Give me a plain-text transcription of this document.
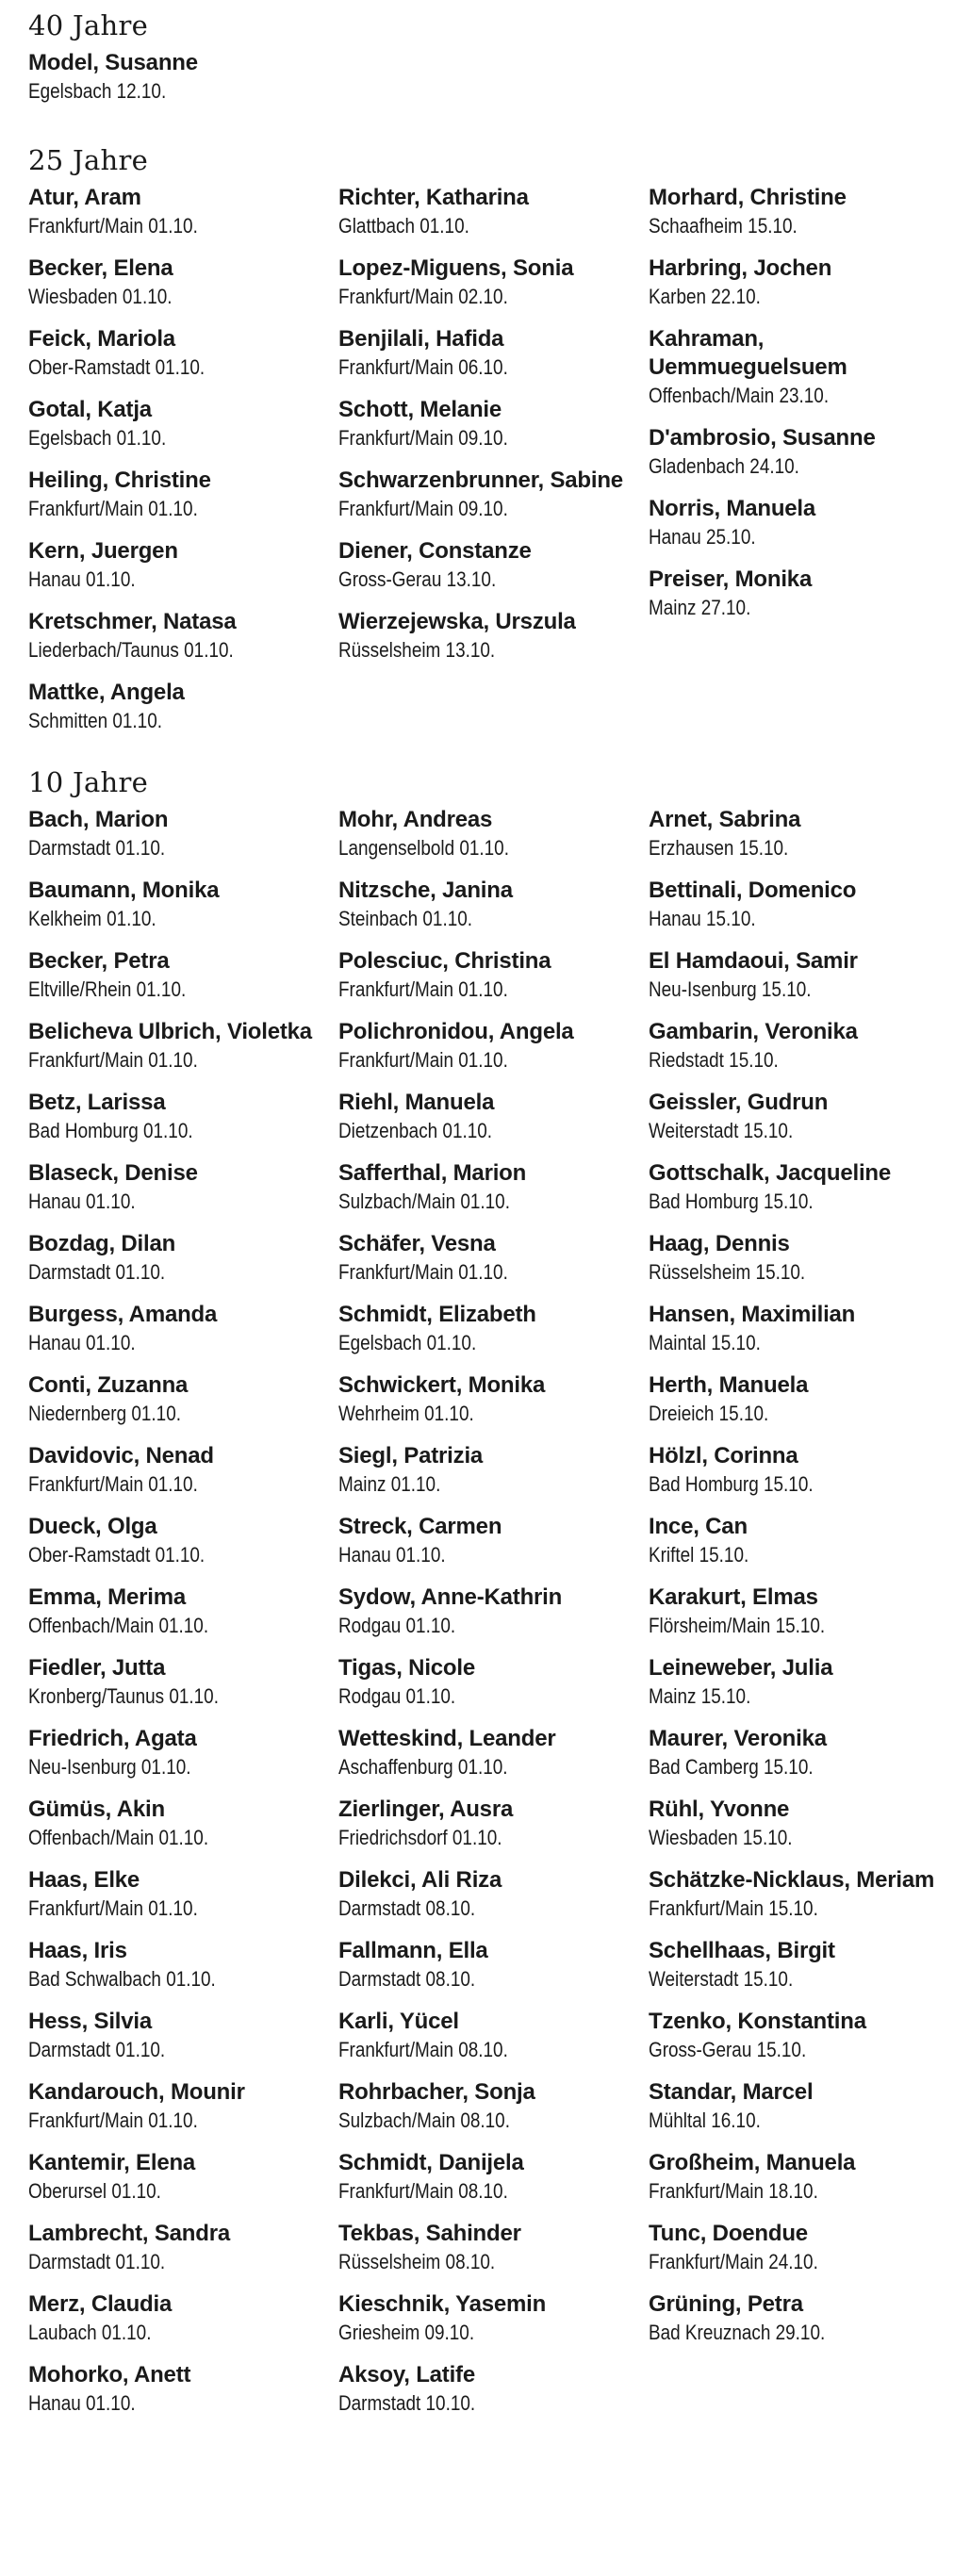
40 Jahre
Model, Susanne
Egelsbach 12.10.
25 Jahre
Atur, Aram
Frankfurt/Main 01.10.
Becker, Elena
Wiesbaden 01.10.
Feick, Mariola
Ober-Ramstadt 01.10.
Gotal, Katja
Egelsbach 01.10.
Heiling, Christine
Frankfurt/Main 01.10.
Kern, Juergen
Hanau 01.10.
Kretschmer, Natasa
Liederbach/Taunus 01.10.
Mattke, Angela
Schmitten 01.10.
Richter, Katharina
Glattbach 01.10.
Lopez-Miguens, Sonia
Frankfurt/Main 02.10.
Benjilali, Hafida
Frankfurt/Main 06.10.
Schott, Melanie
Frankfurt/Main 09.10.
Schwarzenbrunner, Sabine
Frankfurt/Main 09.10.
Diener, Constanze
Gross-Gerau 13.10.
Wierzejewska, Urszula
Rüsselsheim 13.10.
Morhard, Christine
Schaafheim 15.10.
Harbring, Jochen
Karben 22.10.
Kahraman, Uemmueguelsuem
Offenbach/Main 23.10.
D'ambrosio, Susanne
Gladenbach 24.10.
Norris, Manuela
Hanau 25.10.
Preiser, Monika
Mainz 27.10.
10 Jahre
Bach, Marion
Darmstadt 01.10.
Baumann, Monika
Kelkheim 01.10.
Becker, Petra
Eltville/Rhein 01.10.
Belicheva Ulbrich, Violetka
Frankfurt/Main 01.10.
Betz, Larissa
Bad Homburg 01.10.
Blaseck, Denise
Hanau 01.10.
Bozdag, Dilan
Darmstadt 01.10.
Burgess, Amanda
Hanau 01.10.
Conti, Zuzanna
Niedernberg 01.10.
Davidovic, Nenad
Frankfurt/Main 01.10.
Dueck, Olga
Ober-Ramstadt 01.10.
Emma, Merima
Offenbach/Main 01.10.
Fiedler, Jutta
Kronberg/Taunus 01.10.
Friedrich, Agata
Neu-Isenburg 01.10.
Gümüs, Akin
Offenbach/Main 01.10.
Haas, Elke
Frankfurt/Main 01.10.
Haas, Iris
Bad Schwalbach 01.10.
Hess, Silvia
Darmstadt 01.10.
Kandarouch, Mounir
Frankfurt/Main 01.10.
Kantemir, Elena
Oberursel 01.10.
Lambrecht, Sandra
Darmstadt 01.10.
Merz, Claudia
Laubach 01.10.
Mohorko, Anett
Hanau 01.10.
Mohr, Andreas
Langenselbold 01.10.
Nitzsche, Janina
Steinbach 01.10.
Polesciuc, Christina
Frankfurt/Main 01.10.
Polichronidou, Angela
Frankfurt/Main 01.10.
Riehl, Manuela
Dietzenbach 01.10.
Safferthal, Marion
Sulzbach/Main 01.10.
Schäfer, Vesna
Frankfurt/Main 01.10.
Schmidt, Elizabeth
Egelsbach 01.10.
Schwickert, Monika
Wehrheim 01.10.
Siegl, Patrizia
Mainz 01.10.
Streck, Carmen
Hanau 01.10.
Sydow, Anne-Kathrin
Rodgau 01.10.
Tigas, Nicole
Rodgau 01.10.
Wetteskind, Leander
Aschaffenburg 01.10.
Zierlinger, Ausra
Friedrichsdorf 01.10.
Dilekci, Ali Riza
Darmstadt 08.10.
Fallmann, Ella
Darmstadt 08.10.
Karli, Yücel
Frankfurt/Main 08.10.
Rohrbacher, Sonja
Sulzbach/Main 08.10.
Schmidt, Danijela
Frankfurt/Main 08.10.
Tekbas, Sahinder
Rüsselsheim 08.10.
Kieschnik, Yasemin
Griesheim 09.10.
Aksoy, Latife
Darmstadt 10.10.
Arnet, Sabrina
Erzhausen 15.10.
Bettinali, Domenico
Hanau 15.10.
El Hamdaoui, Samir
Neu-Isenburg 15.10.
Gambarin, Veronika
Riedstadt 15.10.
Geissler, Gudrun
Weiterstadt 15.10.
Gottschalk, Jacqueline
Bad Homburg 15.10.
Haag, Dennis
Rüsselsheim 15.10.
Hansen, Maximilian
Maintal 15.10.
Herth, Manuela
Dreieich 15.10.
Hölzl, Corinna
Bad Homburg 15.10.
Ince, Can
Kriftel 15.10.
Karakurt, Elmas
Flörsheim/Main 15.10.
Leineweber, Julia
Mainz 15.10.
Maurer, Veronika
Bad Camberg 15.10.
Rühl, Yvonne
Wiesbaden 15.10.
Schätzke-Nicklaus, Meriam
Frankfurt/Main 15.10.
Schellhaas, Birgit
Weiterstadt 15.10.
Tzenko, Konstantina
Gross-Gerau 15.10.
Standar, Marcel
Mühltal 16.10.
Großheim, Manuela
Frankfurt/Main 18.10.
Tunc, Doendue
Frankfurt/Main 24.10.
Grüning, Petra
Bad Kreuznach 29.10.
